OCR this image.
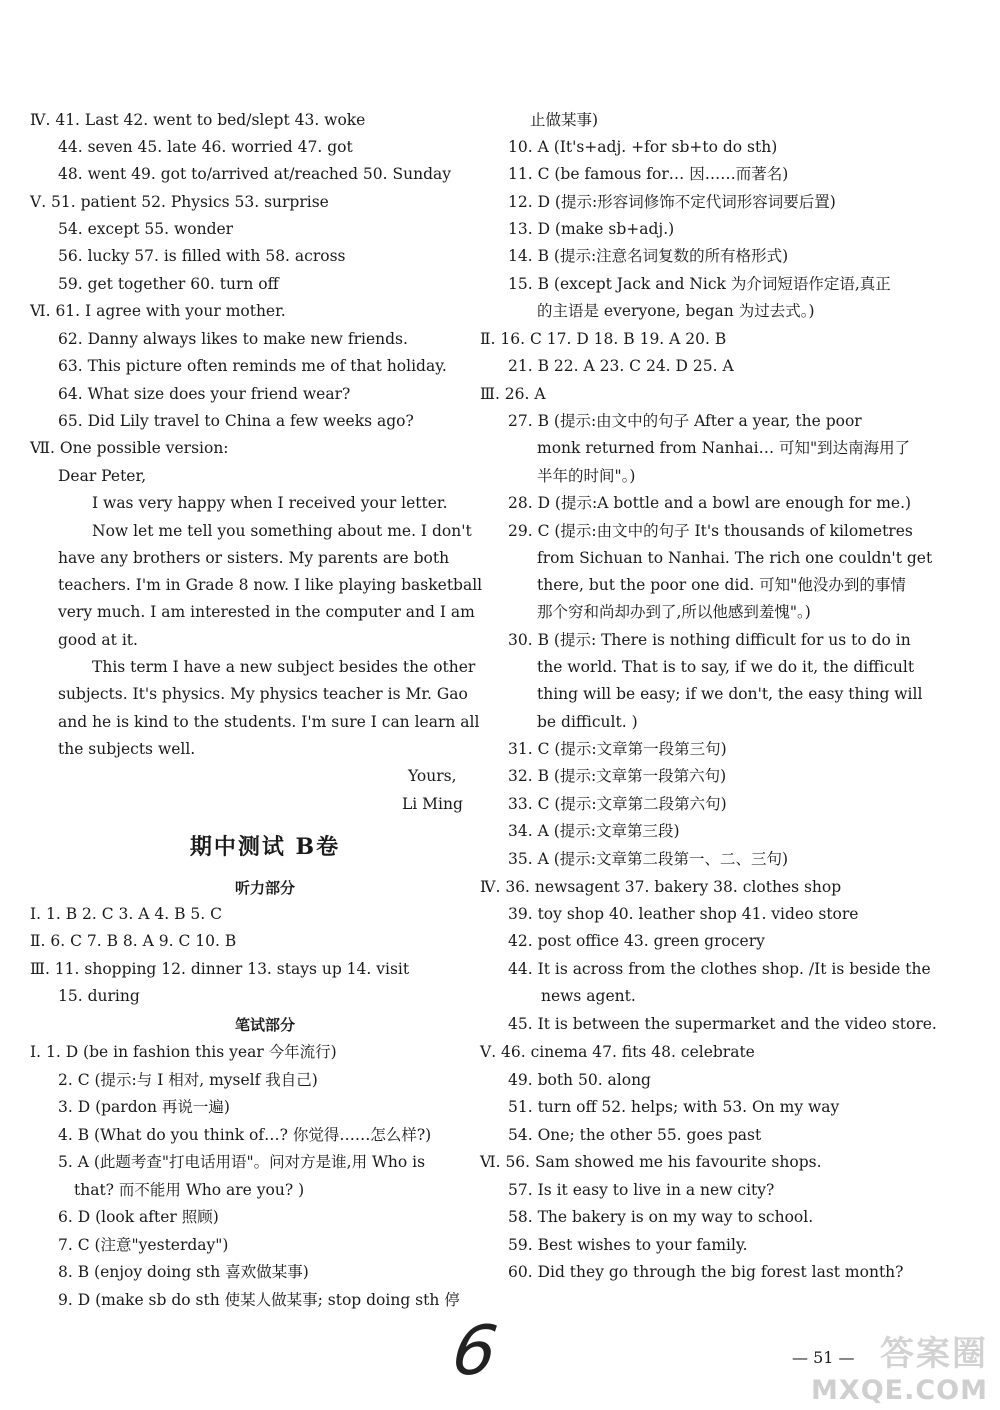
Ⅳ. 41. Last 42. went to bed/slept 43. woke
44. seven 45. late 46. worried 47. got
48. went 49. got to/arrived at/reached 50. Sunday
Ⅴ. 51. patient 52. Physics 53. surprise
54. except 55. wonder
56. lucky 57. is filled with 58. across
59. get together 60. turn off
Ⅵ. 61. I agree with your mother.
62. Danny always likes to make new friends.
63. This picture often reminds me of that holiday.
64. What size does your friend wear?
65. Did Lily travel to China a few weeks ago?
Ⅶ. One possible version:
Dear Peter,
I was very happy when I received your letter.
Now let me tell you something about me. I don't
have any brothers or sisters. My parents are both
teachers. I'm in Grade 8 now. I like playing basketball
very much. I am interested in the computer and I am
good at it.
This term I have a new subject besides the other
subjects. It's physics. My physics teacher is Mr. Gao
and he is kind to the students. I'm sure I can learn all
the subjects well.
Yours,
Li Ming
期中测试 B卷
听力部分
Ⅰ. 1. B 2. C 3. A 4. B 5. C
Ⅱ. 6. C 7. B 8. A 9. C 10. B
Ⅲ. 11. shopping 12. dinner 13. stays up 14. visit
15. during
笔试部分
Ⅰ. 1. D (be in fashion this year 今年流行)
2. C (提示:与 I 相对, myself 我自己)
3. D (pardon 再说一遍)
4. B (What do you think of…? 你觉得……怎么样?)
5. A (此题考查"打电话用语"。问对方是谁,用 Who is
that? 而不能用 Who are you? )
6. D (look after 照顾)
7. C (注意"yesterday")
8. B (enjoy doing sth 喜欢做某事)
9. D (make sb do sth 使某人做某事; stop doing sth 停
止做某事)
10. A (It's+adj. +for sb+to do sth)
11. C (be famous for… 因……而著名)
12. D (提示:形容词修饰不定代词形容词要后置)
13. D (make sb+adj.)
14. B (提示:注意名词复数的所有格形式)
15. B (except Jack and Nick 为介词短语作定语,真正
的主语是 everyone, began 为过去式。)
Ⅱ. 16. C 17. D 18. B 19. A 20. B
21. B 22. A 23. C 24. D 25. A
Ⅲ. 26. A
27. B (提示:由文中的句子 After a year, the poor
monk returned from Nanhai… 可知"到达南海用了
半年的时间"。)
28. D (提示:A bottle and a bowl are enough for me.)
29. C (提示:由文中的句子 It's thousands of kilometres
from Sichuan to Nanhai. The rich one couldn't get
there, but the poor one did. 可知"他没办到的事情
那个穷和尚却办到了,所以他感到羞愧"。)
30. B (提示: There is nothing difficult for us to do in
the world. That is to say, if we do it, the difficult
thing will be easy; if we don't, the easy thing will
be difficult. )
31. C (提示:文章第一段第三句)
32. B (提示:文章第一段第六句)
33. C (提示:文章第二段第六句)
34. A (提示:文章第三段)
35. A (提示:文章第二段第一、二、三句)
Ⅳ. 36. newsagent 37. bakery 38. clothes shop
39. toy shop 40. leather shop 41. video store
42. post office 43. green grocery
44. It is across from the clothes shop. /It is beside the
news agent.
45. It is between the supermarket and the video store.
Ⅴ. 46. cinema 47. fits 48. celebrate
49. both 50. along
51. turn off 52. helps; with 53. On my way
54. One; the other 55. goes past
Ⅵ. 56. Sam showed me his favourite shops.
57. Is it easy to live in a new city?
58. The bakery is on my way to school.
59. Best wishes to your family.
60. Did they go through the big forest last month?
6	— 51 — 答案圈
MXQE.COM
